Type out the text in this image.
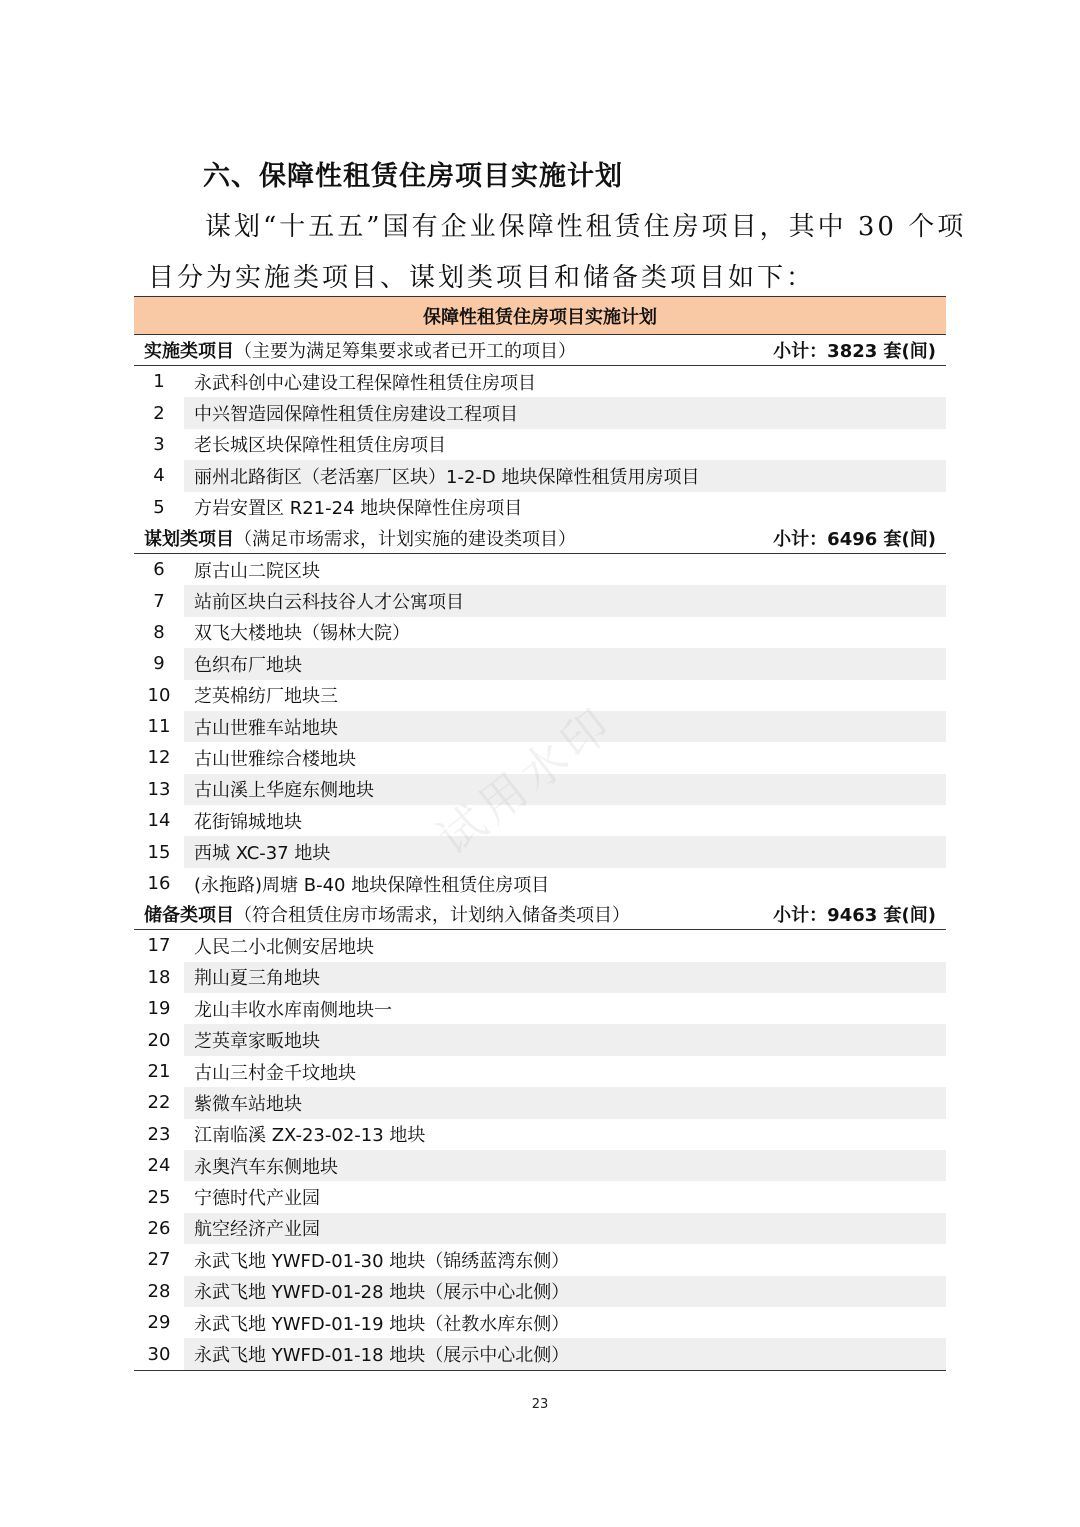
六、保障性租赁住房项目实施计划

谋划“十五五”国有企业保障性租赁住房项目，其中 30 个项

目分为实施类项目、谋划类项目和储备类项目如下：

保障性租赁住房项目实施计划
实施类项目 （主要为满足筹集要求或者已开工的项目）	小计：3823 套(间)
1	永武科创中心建设工程保障性租赁住房项目
2	中兴智造园保障性租赁住房建设工程项目
3	老长城区块保障性租赁住房项目
4	丽州北路街区（老活塞厂区块）1-2-D 地块保障性租赁用房项目
5	方岩安置区 R21-24 地块保障性住房项目
谋划类项目 （满足市场需求，计划实施的建设类项目）	小计：6496 套(间)
6	原古山二院区块
7	站前区块白云科技谷人才公寓项目
8	双飞大楼地块（锡林大院）
9	色织布厂地块
10	芝英棉纺厂地块三
11	古山世雅车站地块
12	古山世雅综合楼地块
13	古山溪上华庭东侧地块
14	花街锦城地块
15	西城 XC-37 地块
16	(永拖路)周塘 B-40 地块保障性租赁住房项目
储备类项目 （符合租赁住房市场需求，计划纳入储备类项目）	小计：9463 套(间)
17	人民二小北侧安居地块
18	荆山夏三角地块
19	龙山丰收水库南侧地块一
20	芝英章家畈地块
21	古山三村金千坟地块
22	紫微车站地块
23	江南临溪 ZX-23-02-13 地块
24	永奥汽车东侧地块
25	宁德时代产业园
26	航空经济产业园
27	永武飞地 YWFD-01-30 地块（锦绣蓝湾东侧）
28	永武飞地 YWFD-01-28 地块（展示中心北侧）
29	永武飞地 YWFD-01-19 地块（社教水库东侧）
30	永武飞地 YWFD-01-18 地块（展示中心北侧）
23
